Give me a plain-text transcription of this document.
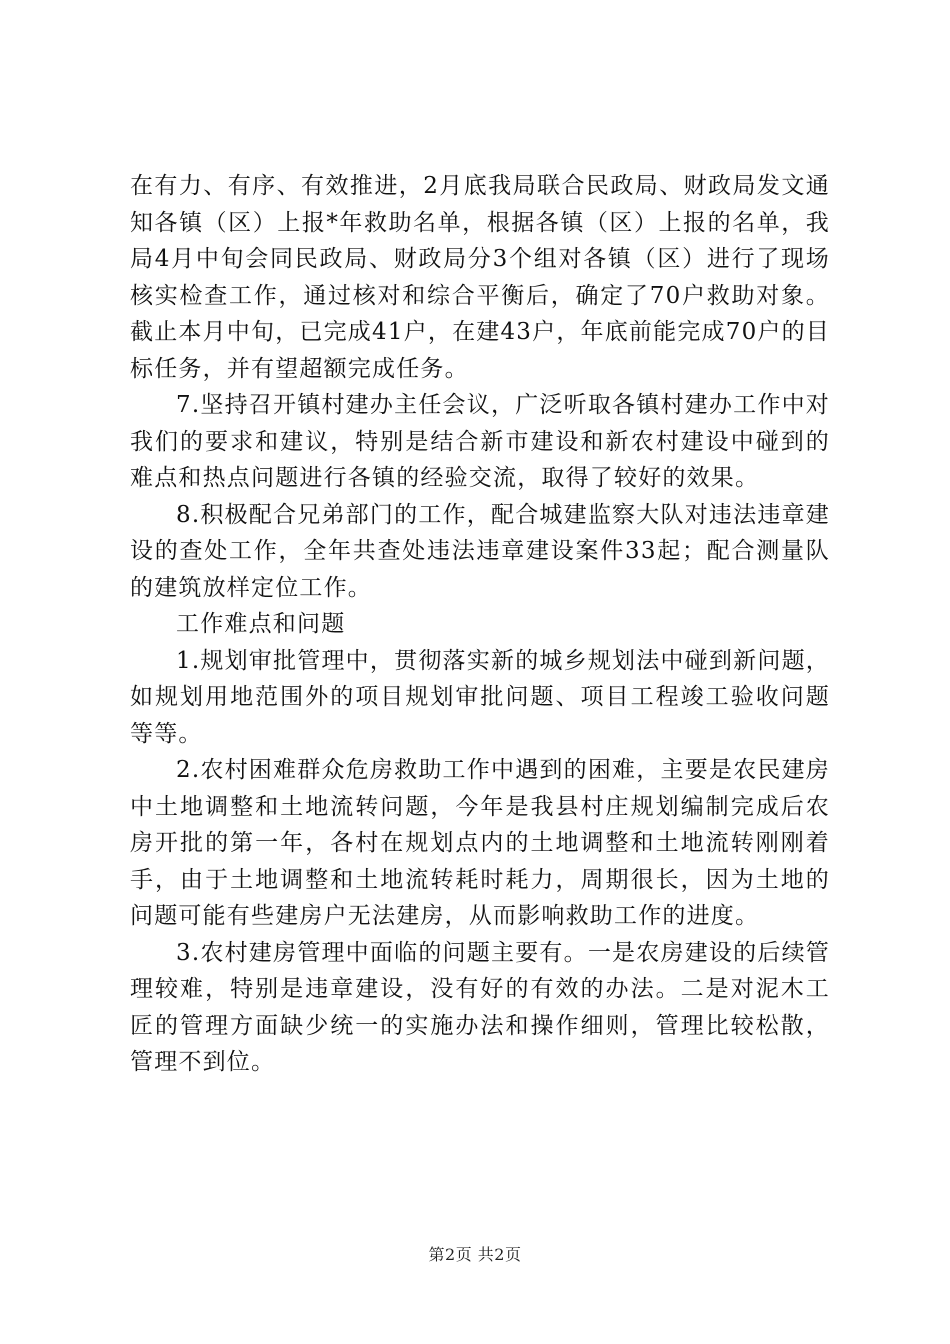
在有力、有序、有效推进，2月底我局联合民政局、财政局发文通知各镇（区）上报*年救助名单，根据各镇（区）上报的名单，我局4月中旬会同民政局、财政局分3个组对各镇（区）进行了现场核实检查工作，通过核对和综合平衡后，确定了70户救助对象。截止本月中旬，已完成41户，在建43户，年底前能完成70户的目标任务，并有望超额完成任务。

7.坚持召开镇村建办主任会议，广泛听取各镇村建办工作中对我们的要求和建议，特别是结合新市建设和新农村建设中碰到的难点和热点问题进行各镇的经验交流，取得了较好的效果。

8.积极配合兄弟部门的工作，配合城建监察大队对违法违章建设的查处工作，全年共查处违法违章建设案件33起；配合测量队的建筑放样定位工作。

工作难点和问题

1.规划审批管理中，贯彻落实新的城乡规划法中碰到新问题，如规划用地范围外的项目规划审批问题、项目工程竣工验收问题等等。

2.农村困难群众危房救助工作中遇到的困难，主要是农民建房中土地调整和土地流转问题，今年是我县村庄规划编制完成后农房开批的第一年，各村在规划点内的土地调整和土地流转刚刚着手，由于土地调整和土地流转耗时耗力，周期很长，因为土地的问题可能有些建房户无法建房，从而影响救助工作的进度。

3.农村建房管理中面临的问题主要有。一是农房建设的后续管理较难，特别是违章建设，没有好的有效的办法。二是对泥木工匠的管理方面缺少统一的实施办法和操作细则，管理比较松散，管理不到位。

第2页 共2页
